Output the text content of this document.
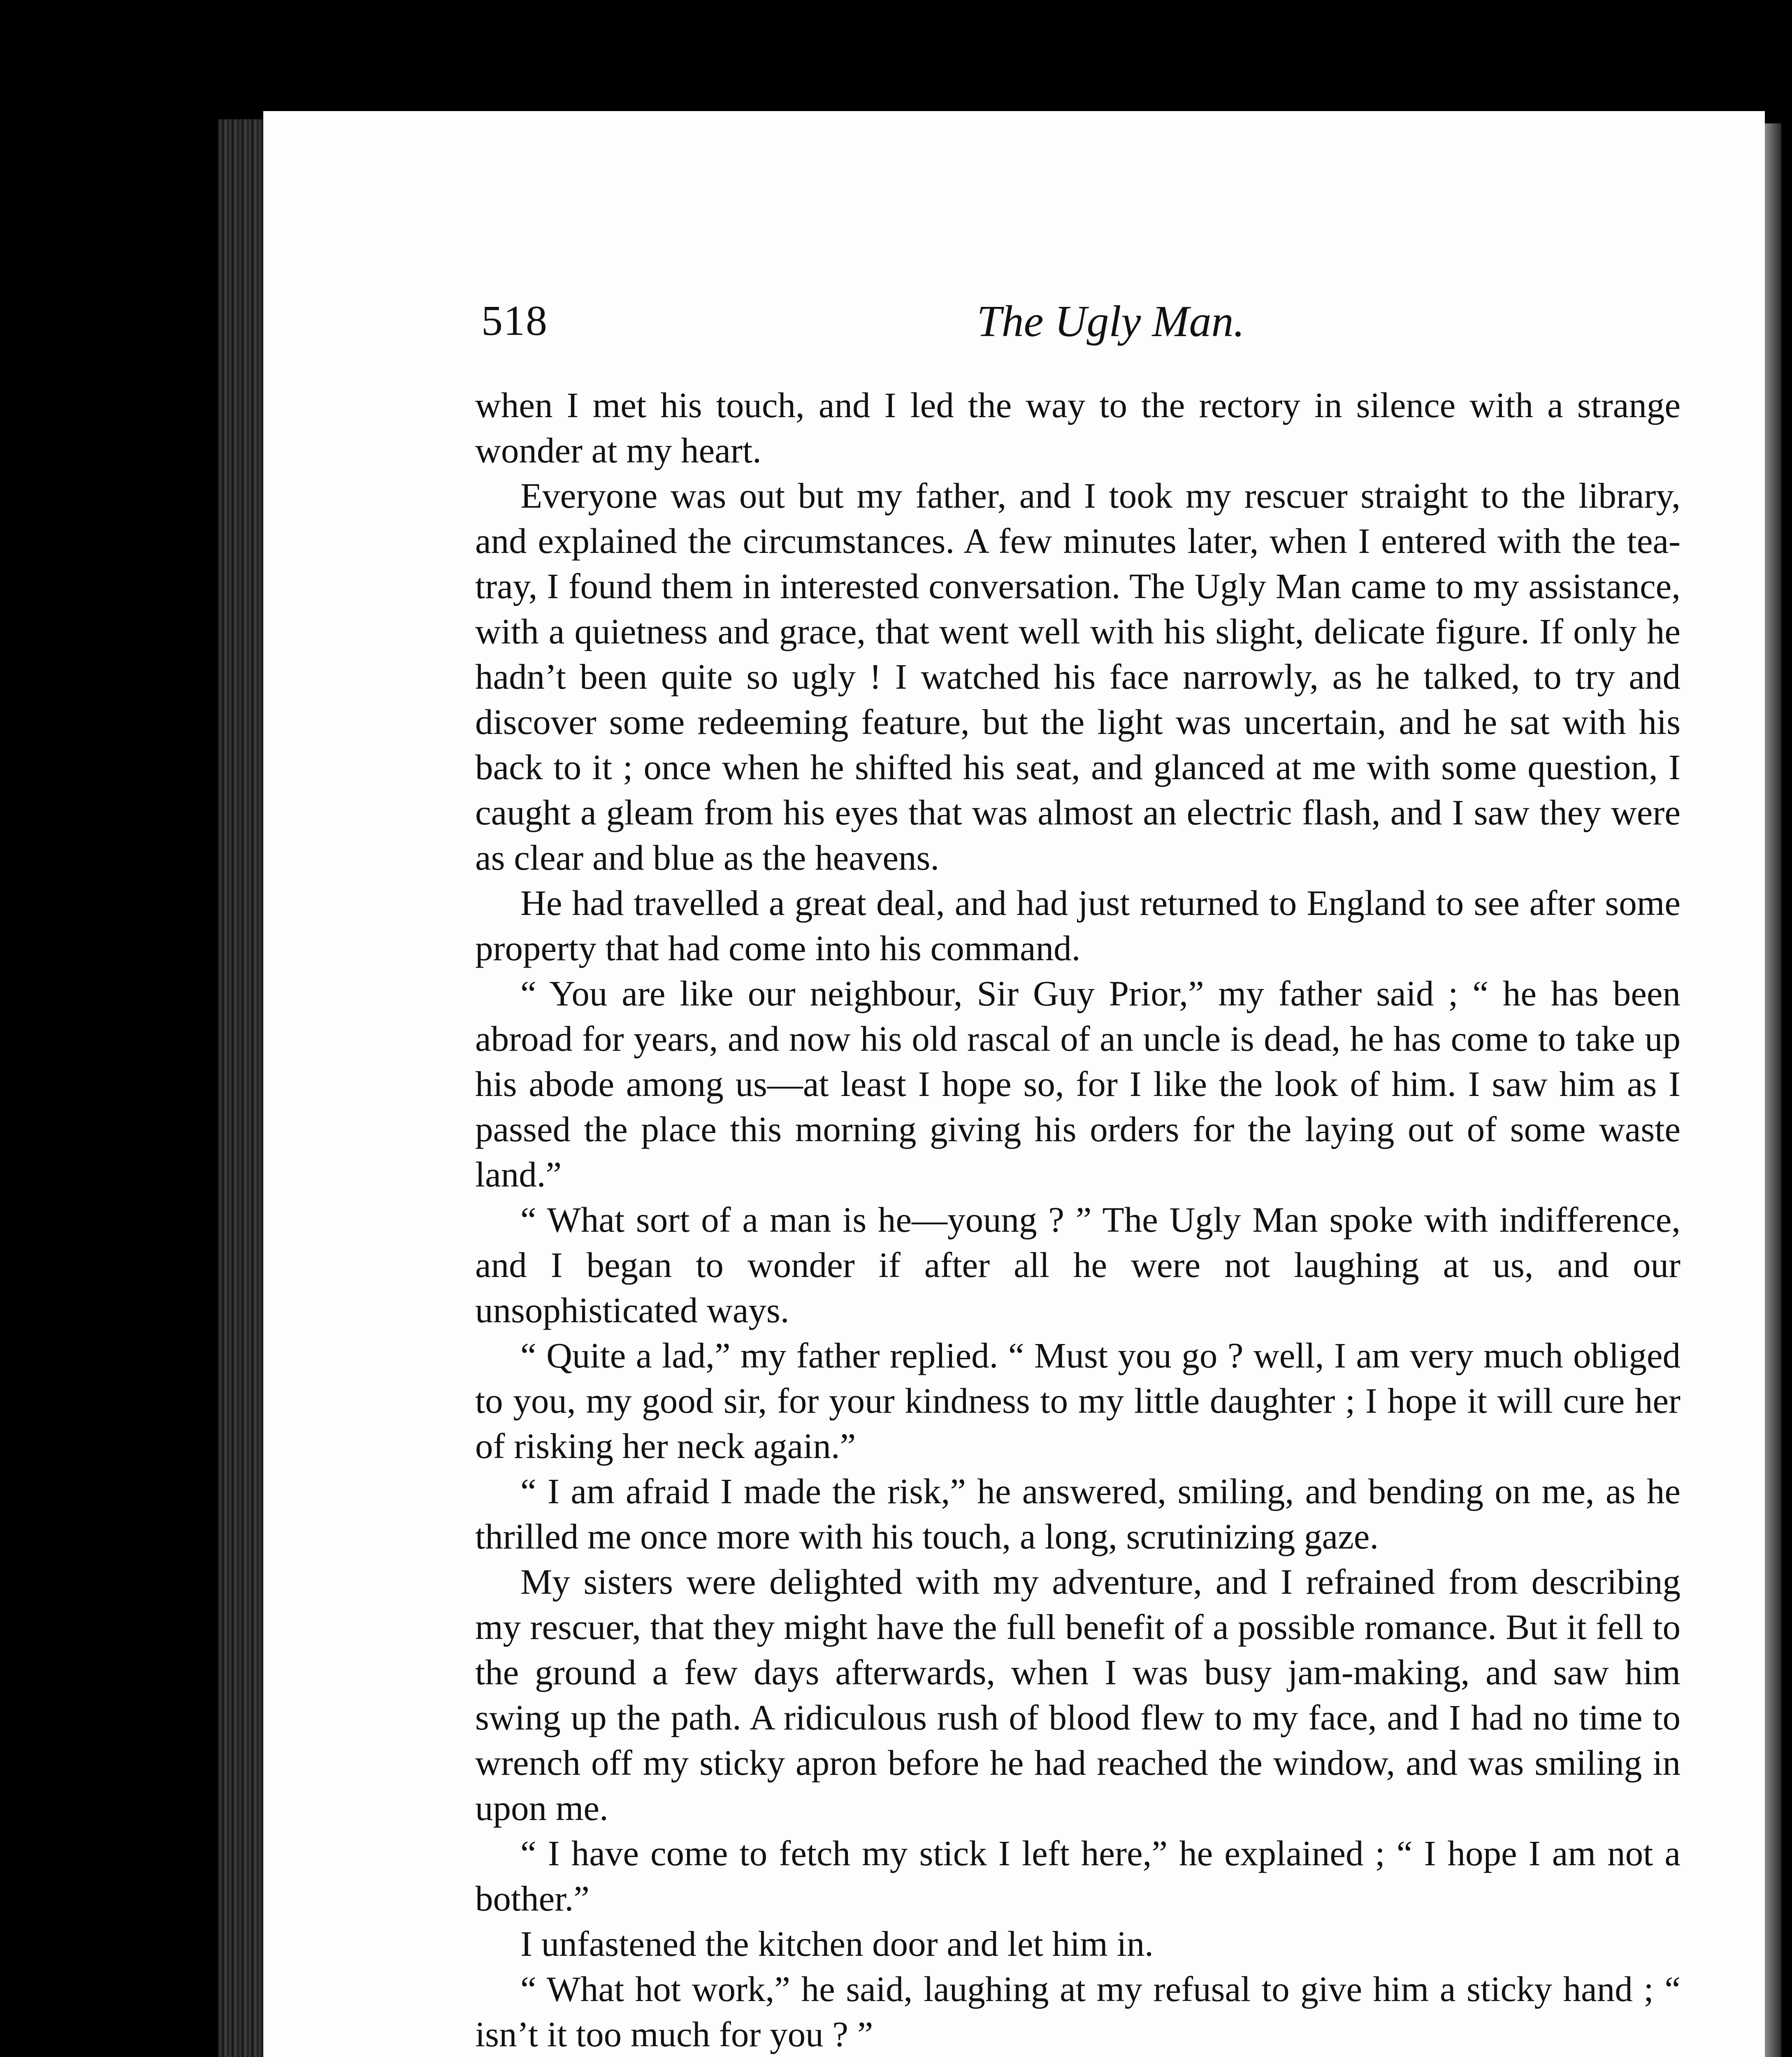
518	The Ugly Man.

when I met his touch, and I led the way to the rectory in silence with a strange wonder at my heart.

Everyone was out but my father, and I took my rescuer straight to the library, and explained the circumstances. A few minutes later, when I entered with the tea-tray, I found them in interested conversation. The Ugly Man came to my assistance, with a quietness and grace, that went well with his slight, delicate figure. If only he hadn’t been quite so ugly ! I watched his face narrowly, as he talked, to try and discover some redeeming feature, but the light was uncertain, and he sat with his back to it ; once when he shifted his seat, and glanced at me with some question, I caught a gleam from his eyes that was almost an electric flash, and I saw they were as clear and blue as the heavens.

He had travelled a great deal, and had just returned to England to see after some property that had come into his command.

“ You are like our neighbour, Sir Guy Prior,” my father said ; “ he has been abroad for years, and now his old rascal of an uncle is dead, he has come to take up his abode among us—at least I hope so, for I like the look of him. I saw him as I passed the place this morning giving his orders for the laying out of some waste land.”

“ What sort of a man is he—young ? ” The Ugly Man spoke with indifference, and I began to wonder if after all he were not laughing at us, and our unsophisticated ways.

“ Quite a lad,” my father replied. “ Must you go ? well, I am very much obliged to you, my good sir, for your kindness to my little daughter ; I hope it will cure her of risking her neck again.”

“ I am afraid I made the risk,” he answered, smiling, and bending on me, as he thrilled me once more with his touch, a long, scrutinizing gaze.

My sisters were delighted with my adventure, and I refrained from describing my rescuer, that they might have the full benefit of a possible romance. But it fell to the ground a few days afterwards, when I was busy jam-making, and saw him swing up the path. A ridiculous rush of blood flew to my face, and I had no time to wrench off my sticky apron before he had reached the window, and was smiling in upon me.

“ I have come to fetch my stick I left here,” he explained ; “ I hope I am not a bother.”

I unfastened the kitchen door and let him in.

“ What hot work,” he said, laughing at my refusal to give him a sticky hand ; “ isn’t it too much for you ? ”
